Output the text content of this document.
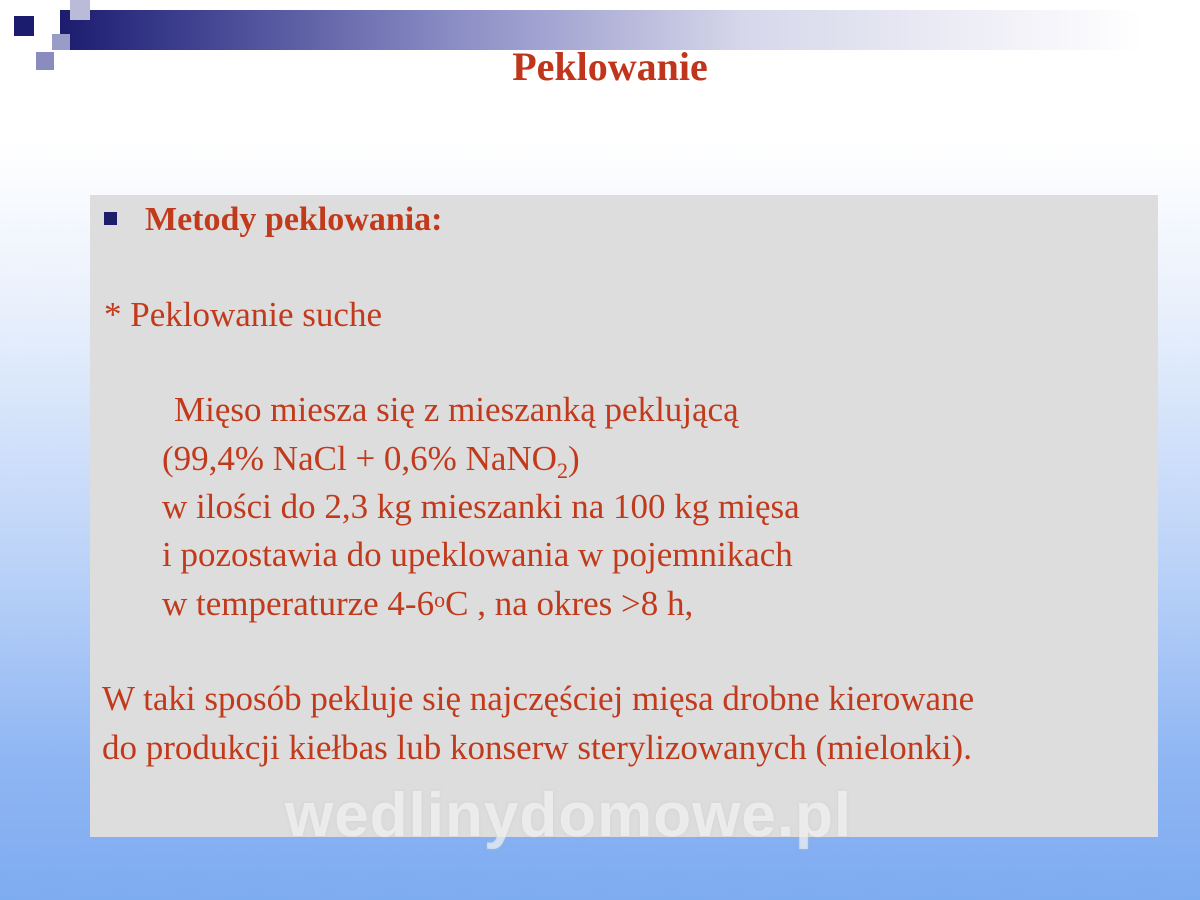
Peklowanie
Metody peklowania:
* Peklowanie suche
Mięso miesza się z mieszanką peklującą
(99,4% NaCl + 0,6% NaNO$_2$)
w ilości do 2,3 kg mieszanki na 100 kg mięsa
i pozostawia do upeklowania w pojemnikach
w temperaturze 4-6$^o$C , na okres >8 h,
W taki sposób pekluje się najczęściej mięsa drobne kierowane
do produkcji kiełbas lub konserw sterylizowanych (mielonki).
wedlinydomowe.pl
